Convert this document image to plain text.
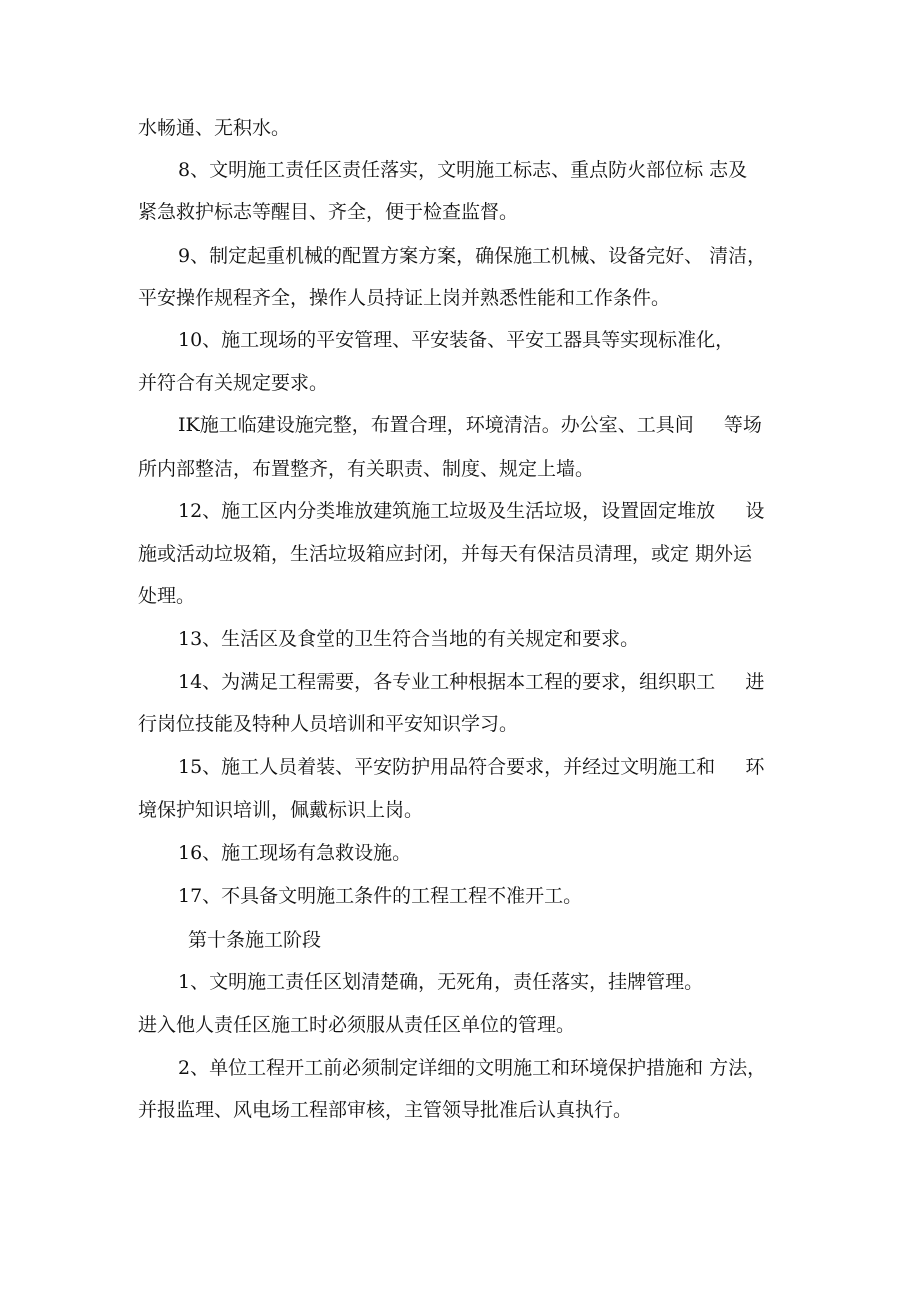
水畅通、无积水。

8、文明施工责任区责任落实，文明施工标志、重点防火部位标 志及

紧急救护标志等醒目、齐全，便于检查监督。

9、制定起重机械的配置方案方案，确保施工机械、设备完好、 清洁，

平安操作规程齐全，操作人员持证上岗并熟悉性能和工作条件。

10、施工现场的平安管理、平安装备、平安工器具等实现标准化，

并符合有关规定要求。

IK施工临建设施完整，布置合理，环境清洁。办公室、工具间     等场

所内部整洁，布置整齐，有关职责、制度、规定上墙。

12、施工区内分类堆放建筑施工垃圾及生活垃圾，设置固定堆放     设

施或活动垃圾箱，生活垃圾箱应封闭，并每天有保洁员清理，或定 期外运

处理。

13、生活区及食堂的卫生符合当地的有关规定和要求。

14、为满足工程需要，各专业工种根据本工程的要求，组织职工     进

行岗位技能及特种人员培训和平安知识学习。

15、施工人员着装、平安防护用品符合要求，并经过文明施工和     环

境保护知识培训，佩戴标识上岗。

16、施工现场有急救设施。

17、不具备文明施工条件的工程工程不准开工。

第十条施工阶段

1、文明施工责任区划清楚确，无死角，责任落实，挂牌管理。

进入他人责任区施工时必须服从责任区单位的管理。

2、单位工程开工前必须制定详细的文明施工和环境保护措施和 方法，

并报监理、风电场工程部审核，主管领导批准后认真执行。
